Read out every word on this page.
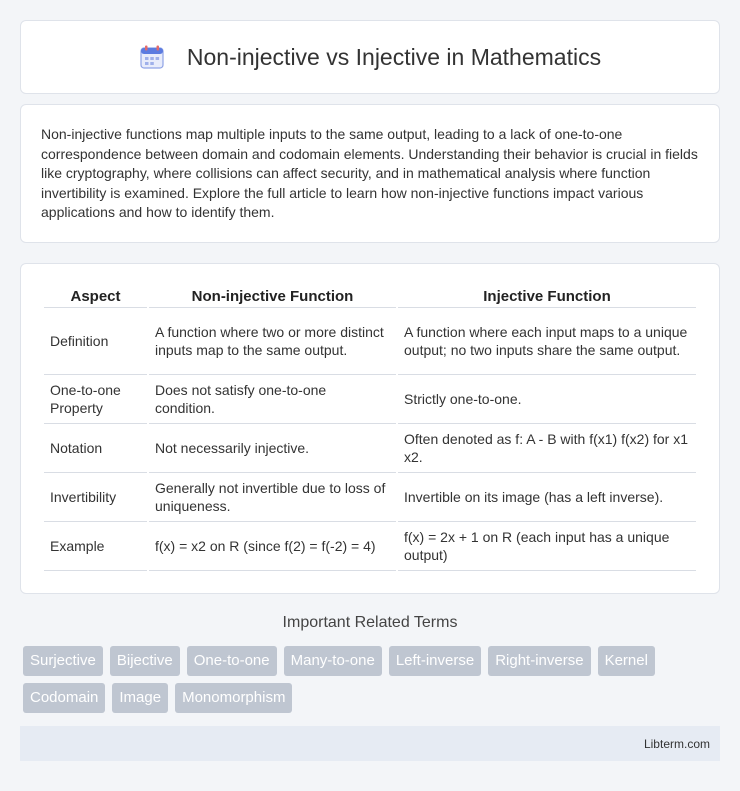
Non-injective vs Injective in Mathematics

Non-injective functions map multiple inputs to the same output, leading to a lack of one-to-one correspondence between domain and codomain elements. Understanding their behavior is crucial in fields like cryptography, where collisions can affect security, and in mathematical analysis where function invertibility is examined. Explore the full article to learn how non-injective functions impact various applications and how to identify them.

Aspect	Non-injective Function	Injective Function
Definition	A function where two or more distinct inputs map to the same output.	A function where each input maps to a unique output; no two inputs share the same output.
One-to-one Property	Does not satisfy one-to-one condition.	Strictly one-to-one.
Notation	Not necessarily injective.	Often denoted as f: A - B with f(x1) f(x2) for x1 x2.
Invertibility	Generally not invertible due to loss of uniqueness.	Invertible on its image (has a left inverse).
Example	f(x) = x2 on R (since f(2) = f(-2) = 4)	f(x) = 2x + 1 on R (each input has a unique output)
Important Related Terms
Surjective	Bijective	One-to-one	Many-to-one	Left-inverse	Right-inverse	Kernel
Codomain	Image	Monomorphism
Libterm.com
